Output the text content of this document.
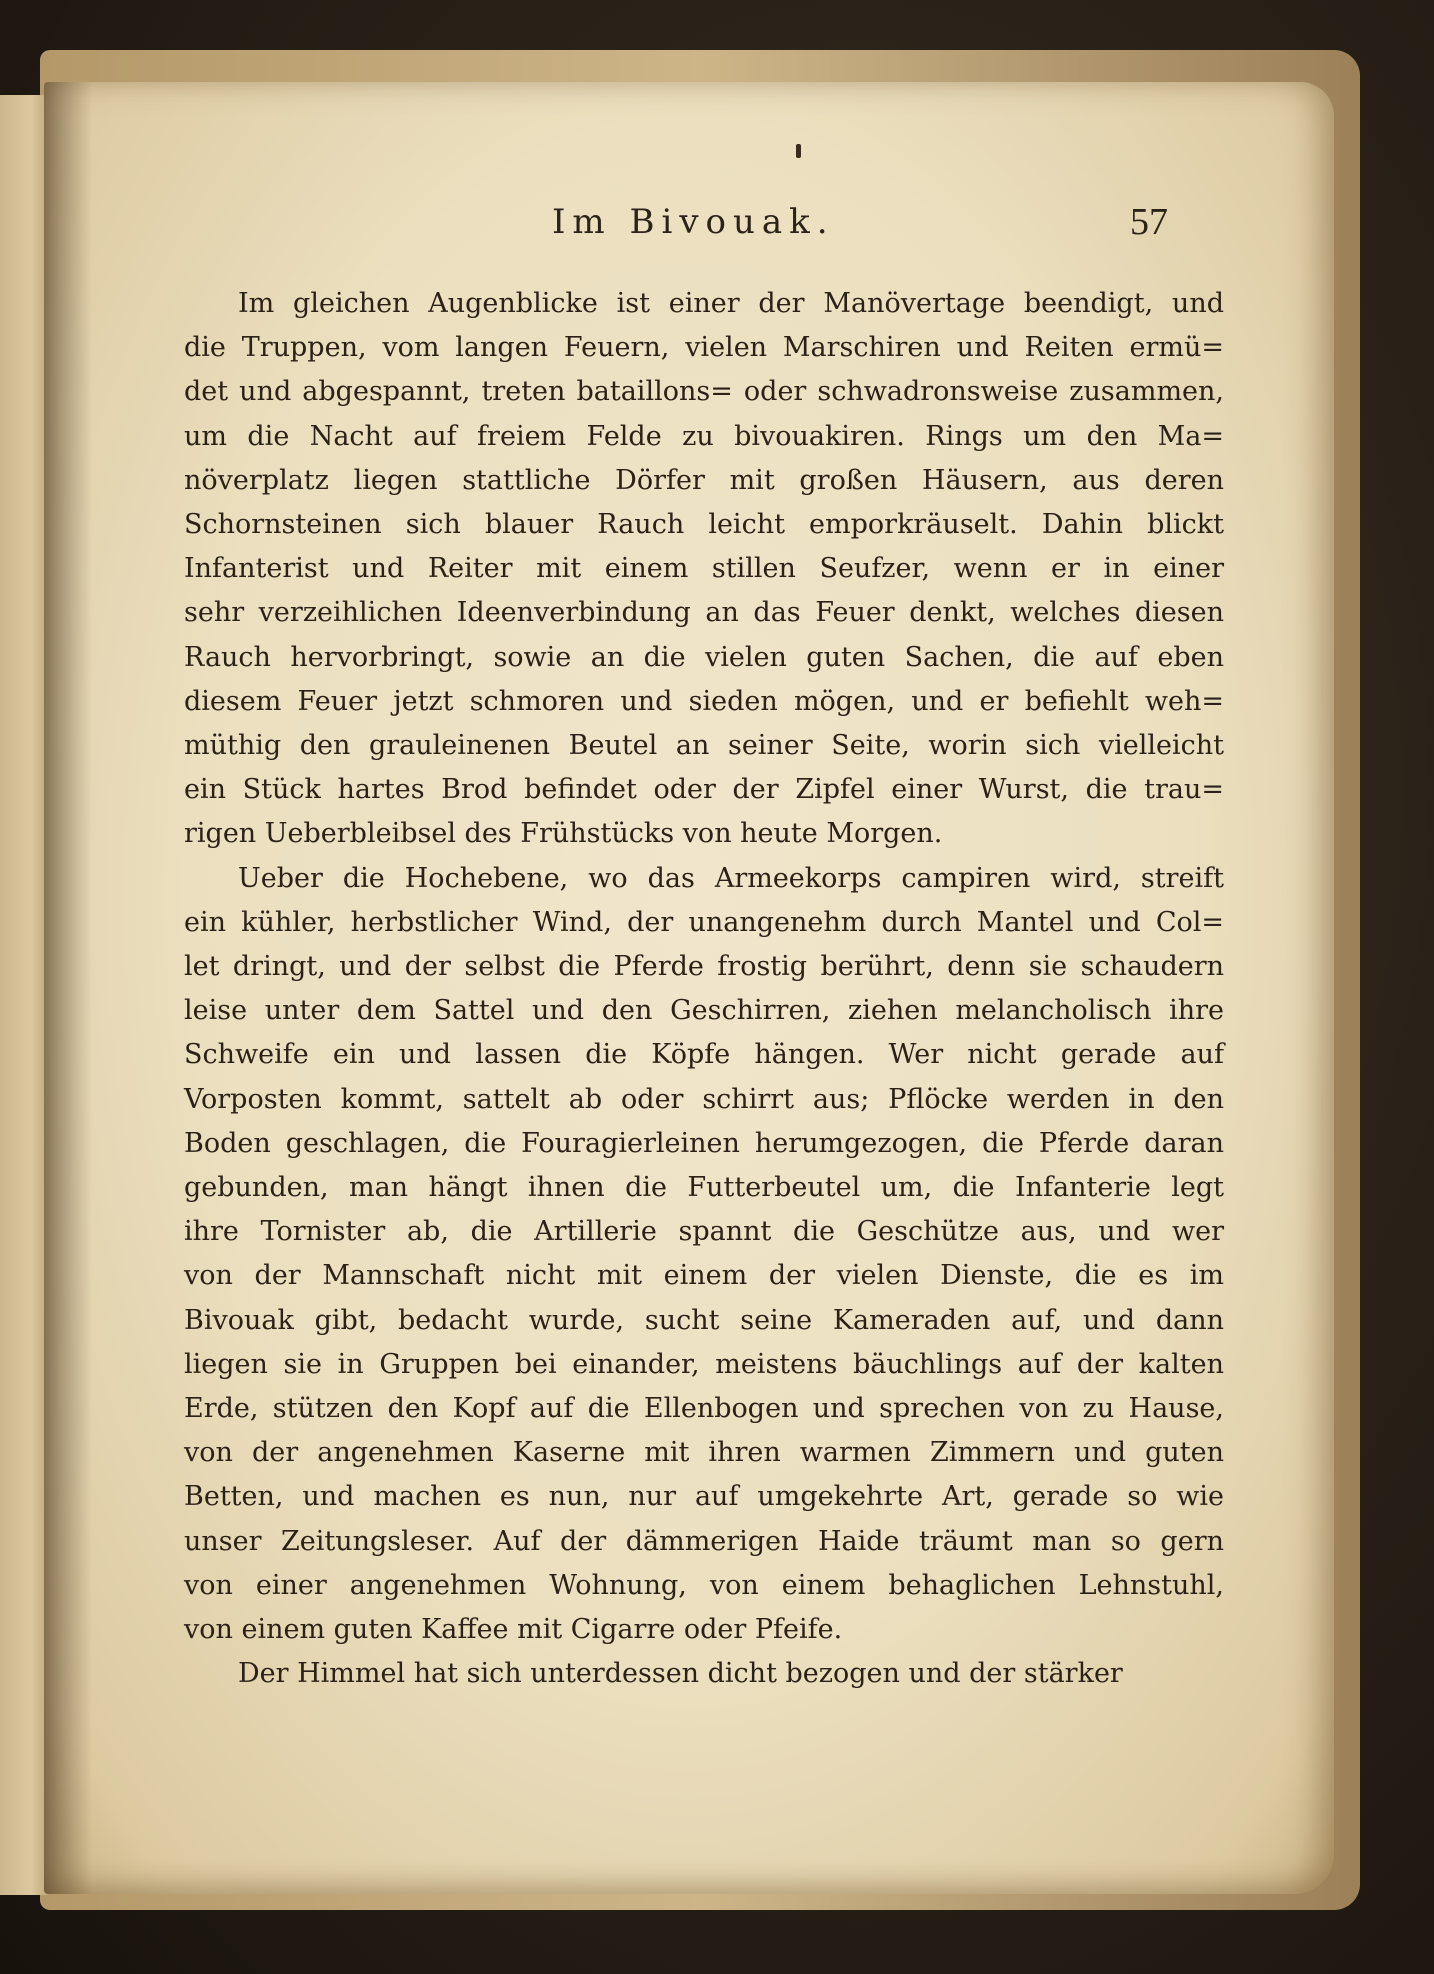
Im Bivouak.	57
Im gleichen Augenblicke ist einer der Manövertage beendigt, und
die Truppen, vom langen Feuern, vielen Marschiren und Reiten ermü=
det und abgespannt, treten bataillons= oder schwadronsweise zusammen,
um die Nacht auf freiem Felde zu bivouakiren. Rings um den Ma=
növerplatz liegen stattliche Dörfer mit großen Häusern, aus deren
Schornsteinen sich blauer Rauch leicht emporkräuselt. Dahin blickt
Infanterist und Reiter mit einem stillen Seufzer, wenn er in einer
sehr verzeihlichen Ideenverbindung an das Feuer denkt, welches diesen
Rauch hervorbringt, sowie an die vielen guten Sachen, die auf eben
diesem Feuer jetzt schmoren und sieden mögen, und er befiehlt weh=
müthig den grauleinenen Beutel an seiner Seite, worin sich vielleicht
ein Stück hartes Brod befindet oder der Zipfel einer Wurst, die trau=
rigen Ueberbleibsel des Frühstücks von heute Morgen.
Ueber die Hochebene, wo das Armeekorps campiren wird, streift
ein kühler, herbstlicher Wind, der unangenehm durch Mantel und Col=
let dringt, und der selbst die Pferde frostig berührt, denn sie schaudern
leise unter dem Sattel und den Geschirren, ziehen melancholisch ihre
Schweife ein und lassen die Köpfe hängen. Wer nicht gerade auf
Vorposten kommt, sattelt ab oder schirrt aus; Pflöcke werden in den
Boden geschlagen, die Fouragierleinen herumgezogen, die Pferde daran
gebunden, man hängt ihnen die Futterbeutel um, die Infanterie legt
ihre Tornister ab, die Artillerie spannt die Geschütze aus, und wer
von der Mannschaft nicht mit einem der vielen Dienste, die es im
Bivouak gibt, bedacht wurde, sucht seine Kameraden auf, und dann
liegen sie in Gruppen bei einander, meistens bäuchlings auf der kalten
Erde, stützen den Kopf auf die Ellenbogen und sprechen von zu Hause,
von der angenehmen Kaserne mit ihren warmen Zimmern und guten
Betten, und machen es nun, nur auf umgekehrte Art, gerade so wie
unser Zeitungsleser. Auf der dämmerigen Haide träumt man so gern
von einer angenehmen Wohnung, von einem behaglichen Lehnstuhl,
von einem guten Kaffee mit Cigarre oder Pfeife.
Der Himmel hat sich unterdessen dicht bezogen und der stärker
